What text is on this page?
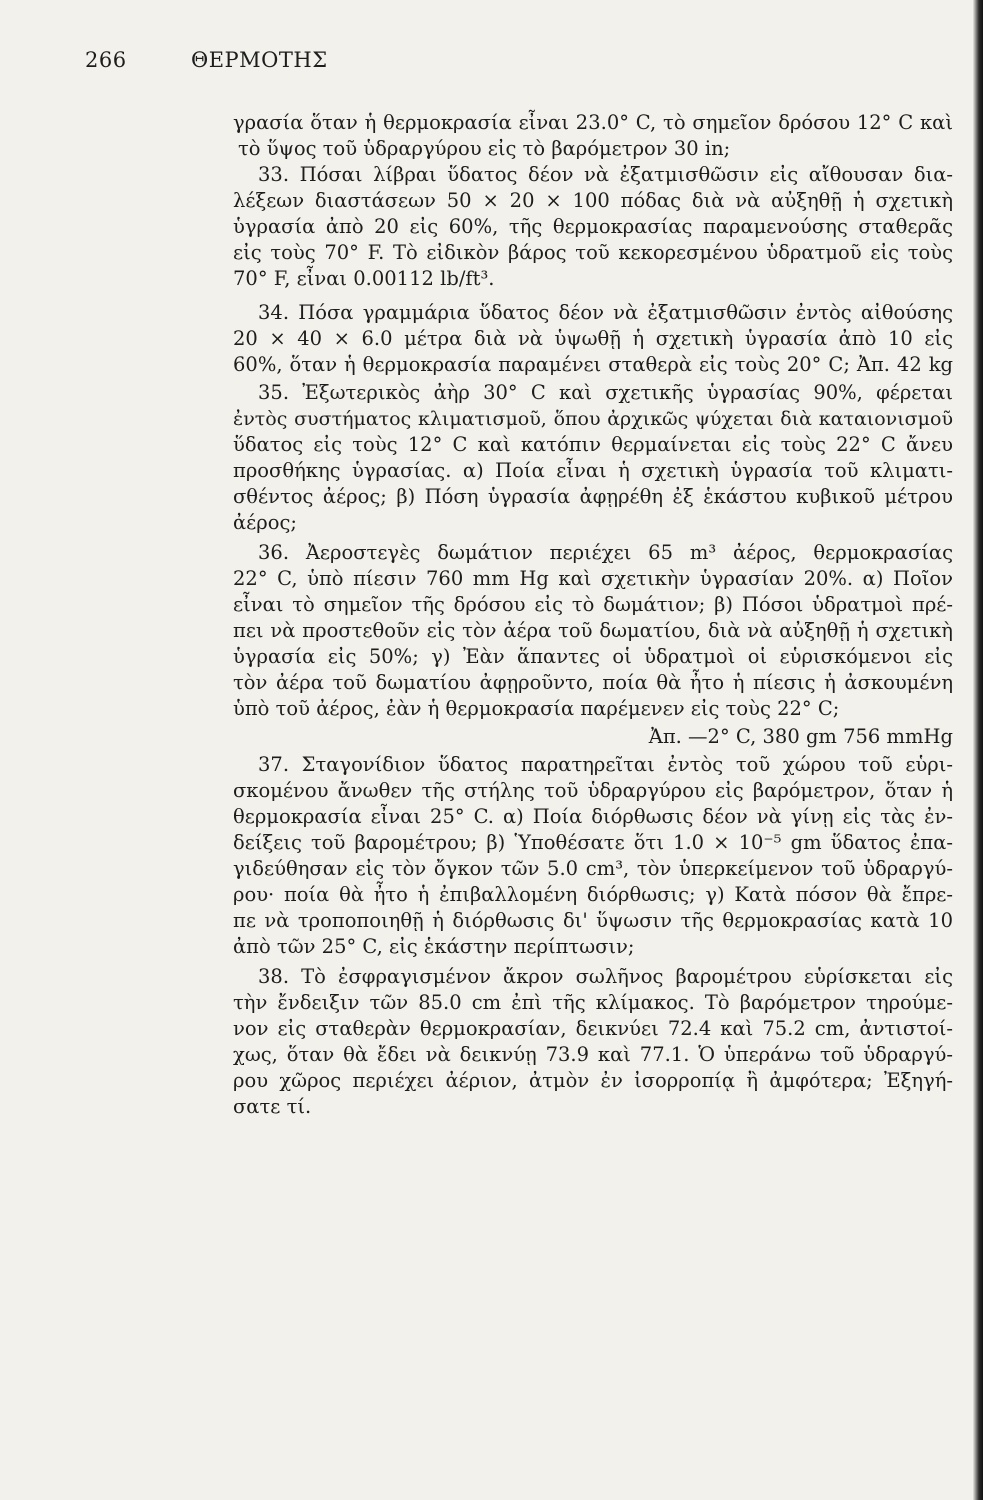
266	ΘΕΡΜΟΤΗΣ
γρασία ὅταν ἡ θερμοκρασία εἶναι 23.0° C, τὸ σημεῖον δρόσου 12° C καὶ
τὸ ὕψος τοῦ ὑδραργύρου εἰς τὸ βαρόμετρον 30 in;
33. Πόσαι λίβραι ὕδατος δέον νὰ ἐξατμισθῶσιν εἰς αἴθουσαν δια-
λέξεων διαστάσεων 50 × 20 × 100 πόδας διὰ νὰ αὐξηθῇ ἡ σχετικὴ
ὑγρασία ἀπὸ 20 εἰς 60%, τῆς θερμοκρασίας παραμενούσης σταθερᾶς
εἰς τοὺς 70° F. Τὸ εἰδικὸν βάρος τοῦ κεκορεσμένου ὑδρατμοῦ εἰς τοὺς
70° F, εἶναι 0.00112 lb/ft³.
34. Πόσα γραμμάρια ὕδατος δέον νὰ ἐξατμισθῶσιν ἐντὸς αἰθούσης
20 × 40 × 6.0 μέτρα διὰ νὰ ὑψωθῇ ἡ σχετικὴ ὑγρασία ἀπὸ 10 εἰς
60%, ὅταν ἡ θερμοκρασία παραμένει σταθερὰ εἰς τοὺς 20° C; Ἀπ. 42 kg
35. Ἐξωτερικὸς ἀὴρ 30° C καὶ σχετικῆς ὑγρασίας 90%, φέρεται
ἐντὸς συστήματος κλιματισμοῦ, ὅπου ἀρχικῶς ψύχεται διὰ καταιονισμοῦ
ὕδατος εἰς τοὺς 12° C καὶ κατόπιν θερμαίνεται εἰς τοὺς 22° C ἄνευ
προσθήκης ὑγρασίας. α) Ποία εἶναι ἡ σχετικὴ ὑγρασία τοῦ κλιματι-
σθέντος ἀέρος; β) Πόση ὑγρασία ἀφῃρέθη ἐξ ἑκάστου κυβικοῦ μέτρου
ἀέρος;
36. Ἀεροστεγὲς δωμάτιον περιέχει 65 m³ ἀέρος, θερμοκρασίας
22° C, ὑπὸ πίεσιν 760 mm Hg καὶ σχετικὴν ὑγρασίαν 20%. α) Ποῖον
εἶναι τὸ σημεῖον τῆς δρόσου εἰς τὸ δωμάτιον; β) Πόσοι ὑδρατμοὶ πρέ-
πει νὰ προστεθοῦν εἰς τὸν ἀέρα τοῦ δωματίου, διὰ νὰ αὐξηθῇ ἡ σχετικὴ
ὑγρασία εἰς 50%; γ) Ἐὰν ἅπαντες οἱ ὑδρατμοὶ οἱ εὑρισκόμενοι εἰς
τὸν ἀέρα τοῦ δωματίου ἀφῃροῦντο, ποία θὰ ἦτο ἡ πίεσις ἡ ἀσκουμένη
ὑπὸ τοῦ ἀέρος, ἐὰν ἡ θερμοκρασία παρέμενεν εἰς τοὺς 22° C;
Ἀπ. —2° C, 380 gm 756 mmHg
37. Σταγονίδιον ὕδατος παρατηρεῖται ἐντὸς τοῦ χώρου τοῦ εὑρι-
σκομένου ἄνωθεν τῆς στήλης τοῦ ὑδραργύρου εἰς βαρόμετρον, ὅταν ἡ
θερμοκρασία εἶναι 25° C. α) Ποία διόρθωσις δέον νὰ γίνῃ εἰς τὰς ἐν-
δείξεις τοῦ βαρομέτρου; β) Ὑποθέσατε ὅτι 1.0 × 10⁻⁵ gm ὕδατος ἐπα-
γιδεύθησαν εἰς τὸν ὄγκον τῶν 5.0 cm³, τὸν ὑπερκείμενον τοῦ ὑδραργύ-
ρου· ποία θὰ ἦτο ἡ ἐπιβαλλομένη διόρθωσις; γ) Κατὰ πόσον θὰ ἔπρε-
πε νὰ τροποποιηθῇ ἡ διόρθωσις δι' ὕψωσιν τῆς θερμοκρασίας κατὰ 10
ἀπὸ τῶν 25° C, εἰς ἑκάστην περίπτωσιν;
38. Τὸ ἐσφραγισμένον ἄκρον σωλῆνος βαρομέτρου εὑρίσκεται εἰς
τὴν ἔνδειξιν τῶν 85.0 cm ἐπὶ τῆς κλίμακος. Τὸ βαρόμετρον τηρούμε-
νον εἰς σταθερὰν θερμοκρασίαν, δεικνύει 72.4 καὶ 75.2 cm, ἀντιστοί-
χως, ὅταν θὰ ἔδει νὰ δεικνύῃ 73.9 καὶ 77.1. Ὁ ὑπεράνω τοῦ ὑδραργύ-
ρου χῶρος περιέχει ἀέριον, ἀτμὸν ἐν ἰσορροπίᾳ ἢ ἀμφότερα; Ἐξηγή-
σατε τί.
